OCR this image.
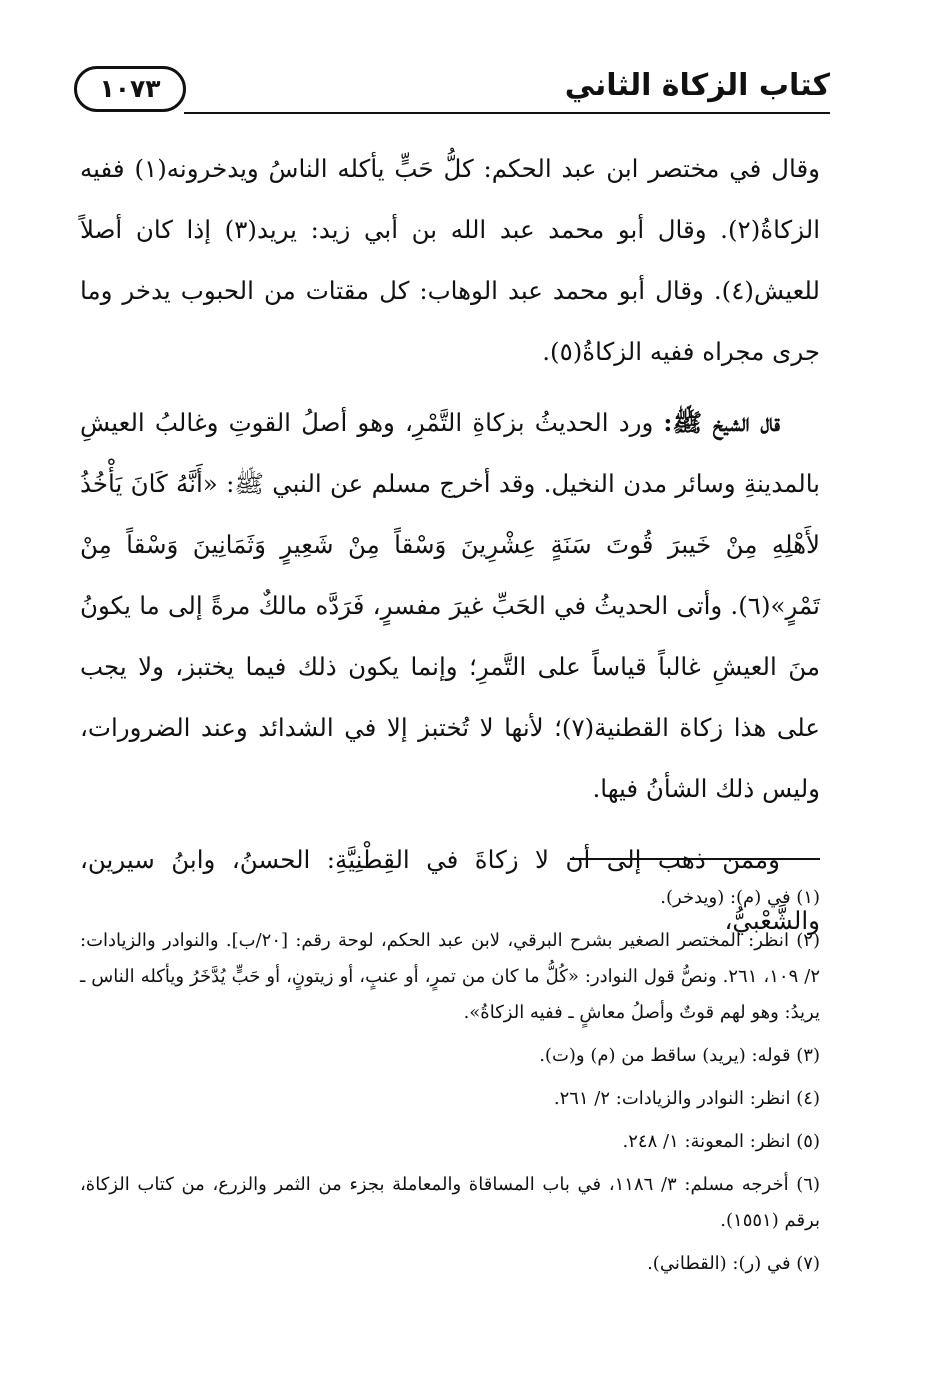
كتاب الزكاة الثاني
١٠٧٣

وقال في مختصر ابن عبد الحكم: كلُّ حَبٍّ يأكله الناسُ ويدخرونه(١) ففيه الزكاةُ(٢). وقال أبو محمد عبد الله بن أبي زيد: يريد(٣) إذا كان أصلاً للعيش(٤). وقال أبو محمد عبد الوهاب: كل مقتات من الحبوب يدخر وما جرى مجراه ففيه الزكاةُ(٥).

قال الشيخ ﷺ: ورد الحديثُ بزكاةِ التَّمْرِ، وهو أصلُ القوتِ وغالبُ العيشِ بالمدينةِ وسائر مدن النخيل. وقد أخرج مسلم عن النبي ﷺ: «أَنَّهُ كَانَ يَأْخُذُ لأَهْلِهِ مِنْ خَيبرَ قُوتَ سَنَةٍ عِشْرِينَ وَسْقاً مِنْ شَعِيرٍ وَثَمَانِينَ وَسْقاً مِنْ تَمْرٍ»(٦). وأتى الحديثُ في الحَبِّ غيرَ مفسرٍ، فَرَدَّه مالكٌ مرةً إلى ما يكونُ منَ العيشِ غالباً قياساً على التَّمرِ؛ وإنما يكون ذلك فيما يختبز، ولا يجب على هذا زكاة القطنية(٧)؛ لأنها لا تُختبز إلا في الشدائد وعند الضرورات، وليس ذلك الشأنُ فيها.

وممن ذهب إلى أن لا زكاةَ في القِطْنِيَّةِ: الحسنُ، وابنُ سيرين، والشَّعْبيُّ،

(١) في (م): (ويدخر).

(٢) انظر: المختصر الصغير بشرح البرقي، لابن عبد الحكم، لوحة رقم: [٢٠/ب]. والنوادر والزيادات: ٢/ ١٠٩، ٢٦١. ونصُّ قول النوادر: «كُلُّ ما كان من تمرٍ، أو عنبٍ، أو زيتونٍ، أو حَبٍّ يُدَّخَرُ ويأكله الناس ـ يريدُ: وهو لهم قوتٌ وأصلُ معاشٍ ـ ففيه الزكاةُ».

(٣) قوله: (يريد) ساقط من (م) و(ت).

(٤) انظر: النوادر والزيادات: ٢/ ٢٦١.

(٥) انظر: المعونة: ١/ ٢٤٨.

(٦) أخرجه مسلم: ٣/ ١١٨٦، في باب المساقاة والمعاملة بجزء من الثمر والزرع، من كتاب الزكاة، برقم (١٥٥١).

(٧) في (ر): (القطاني).
